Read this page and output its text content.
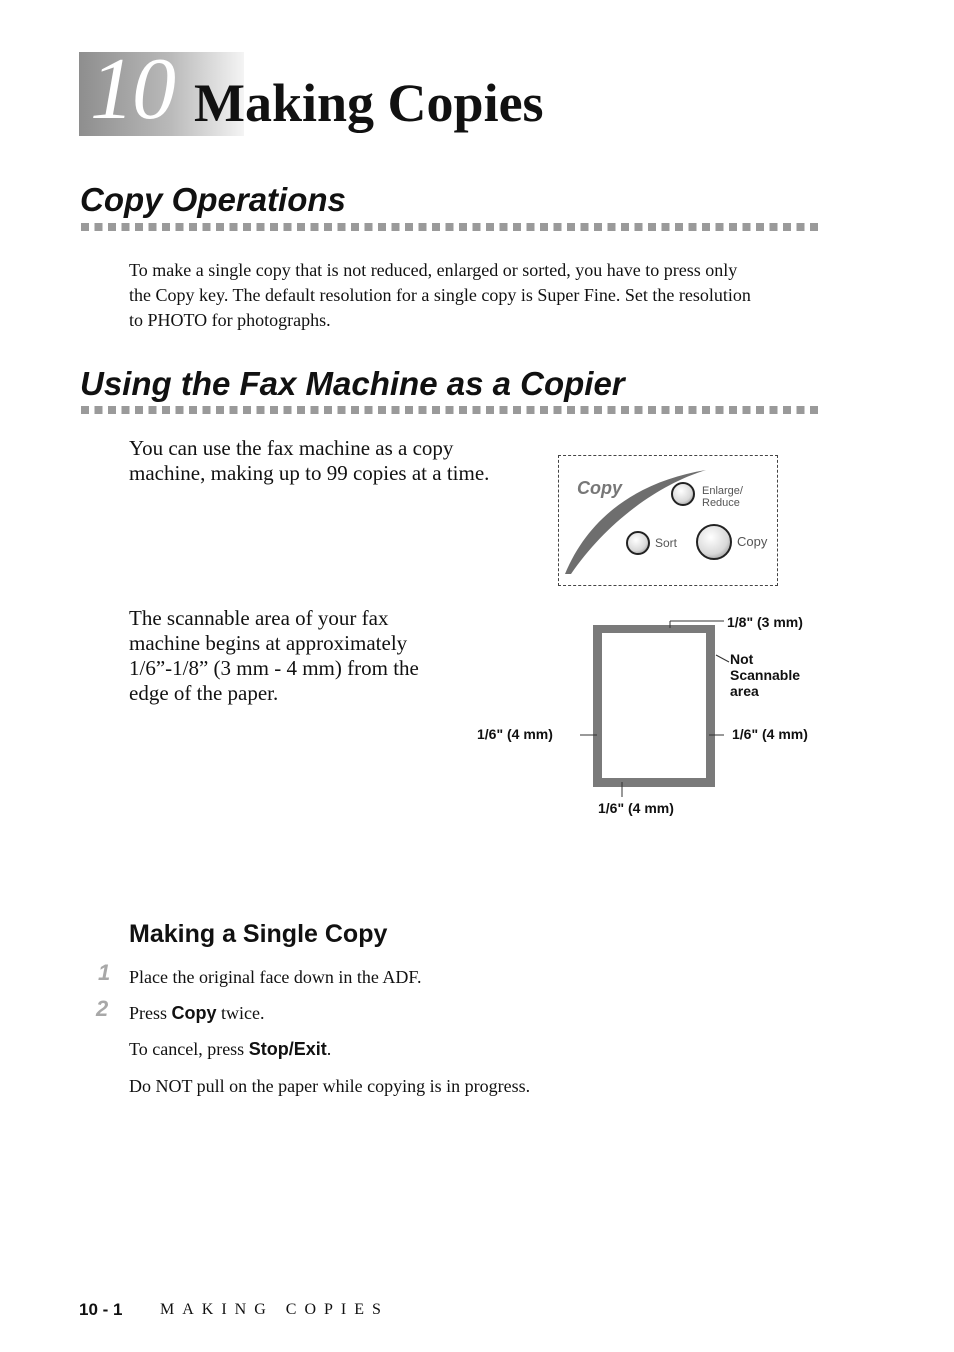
10 Making Copies
Copy Operations

To make a single copy that is not reduced, enlarged or sorted, you have to press only

the Copy key. The default resolution for a single copy is Super Fine. Set the resolution

to PHOTO for photographs.

Using the Fax Machine as a Copier

You can use the fax machine as a copy

machine, making up to 99 copies at a time.

Copy	Enlarge/
Reduce
Sort	Copy

The scannable area of your fax

machine begins at approximately

1/6”-1/8” (3 mm - 4 mm) from the

edge of the paper.

1/8" (3 mm)
Not
Scannable
area
1/6" (4 mm)	1/6" (4 mm)
1/6" (4 mm)
Making a Single Copy
1 Place the original face down in the ADF.
2 Press Copy twice.
To cancel, press Stop/Exit.
Do NOT pull on the paper while copying is in progress.
10 - 1 MAKING COPIES
